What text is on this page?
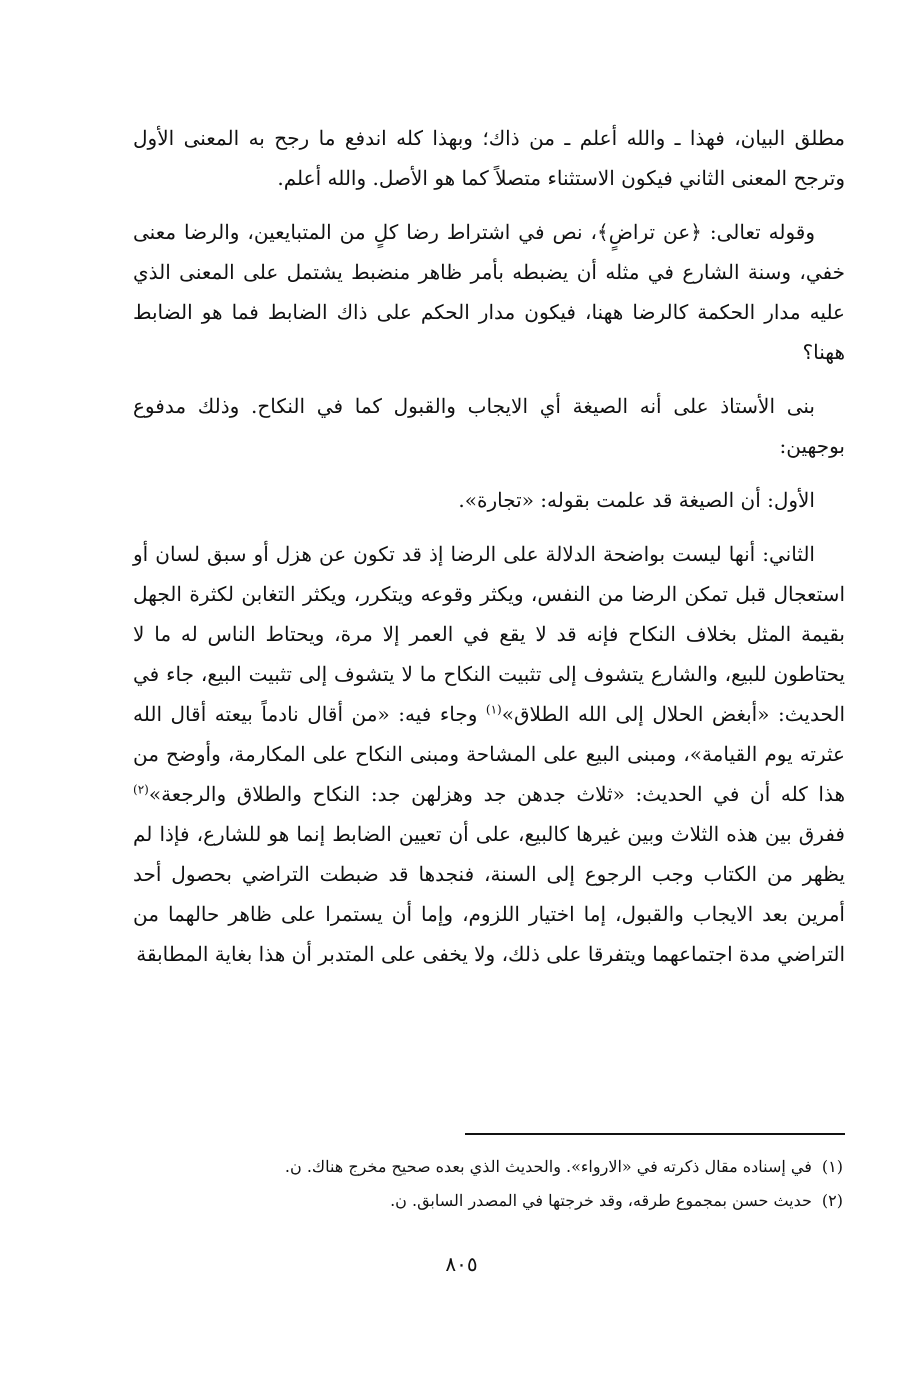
مطلق البيان، فهذا ـ والله أعلم ـ من ذاك؛ وبهذا كله اندفع ما رجح به المعنى الأول وترجح المعنى الثاني فيكون الاستثناء متصلاً كما هو الأصل. والله أعلم.

وقوله تعالى: ﴿عن تراضٍ﴾، نص في اشتراط رضا كلٍ من المتبايعين، والرضا معنى خفي، وسنة الشارع في مثله أن يضبطه بأمر ظاهر منضبط يشتمل على المعنى الذي عليه مدار الحكمة كالرضا ههنا، فيكون مدار الحكم على ذاك الضابط فما هو الضابط ههنا؟

بنى الأستاذ على أنه الصيغة أي الايجاب والقبول كما في النكاح. وذلك مدفوع بوجهين:

الأول: أن الصيغة قد علمت بقوله: «تجارة».

الثاني: أنها ليست بواضحة الدلالة على الرضا إذ قد تكون عن هزل أو سبق لسان أو استعجال قبل تمكن الرضا من النفس، ويكثر وقوعه ويتكرر، ويكثر التغابن لكثرة الجهل بقيمة المثل بخلاف النكاح فإنه قد لا يقع في العمر إلا مرة، ويحتاط الناس له ما لا يحتاطون للبيع، والشارع يتشوف إلى تثبيت النكاح ما لا يتشوف إلى تثبيت البيع، جاء في الحديث: «أبغض الحلال إلى الله الطلاق»$^{(١)}$ وجاء فيه: «من أقال نادماً بيعته أقال الله عثرته يوم القيامة»، ومبنى البيع على المشاحة ومبنى النكاح على المكارمة، وأوضح من هذا كله أن في الحديث: «ثلاث جدهن جد وهزلهن جد: النكاح والطلاق والرجعة»$^{(٢)}$ ففرق بين هذه الثلاث وبين غيرها كالبيع، على أن تعيين الضابط إنما هو للشارع، فإذا لم يظهر من الكتاب وجب الرجوع إلى السنة، فنجدها قد ضبطت التراضي بحصول أحد أمرين بعد الايجاب والقبول، إما اختيار اللزوم، وإما أن يستمرا على ظاهر حالهما من التراضي مدة اجتماعهما ويتفرقا على ذلك، ولا يخفى على المتدبر أن هذا بغاية المطابقة

(١)في إسناده مقال ذكرته في «الارواء». والحديث الذي بعده صحيح مخرج هناك. ن.

(٢)حديث حسن بمجموع طرقه، وقد خرجتها في المصدر السابق. ن.

٨٠٥
